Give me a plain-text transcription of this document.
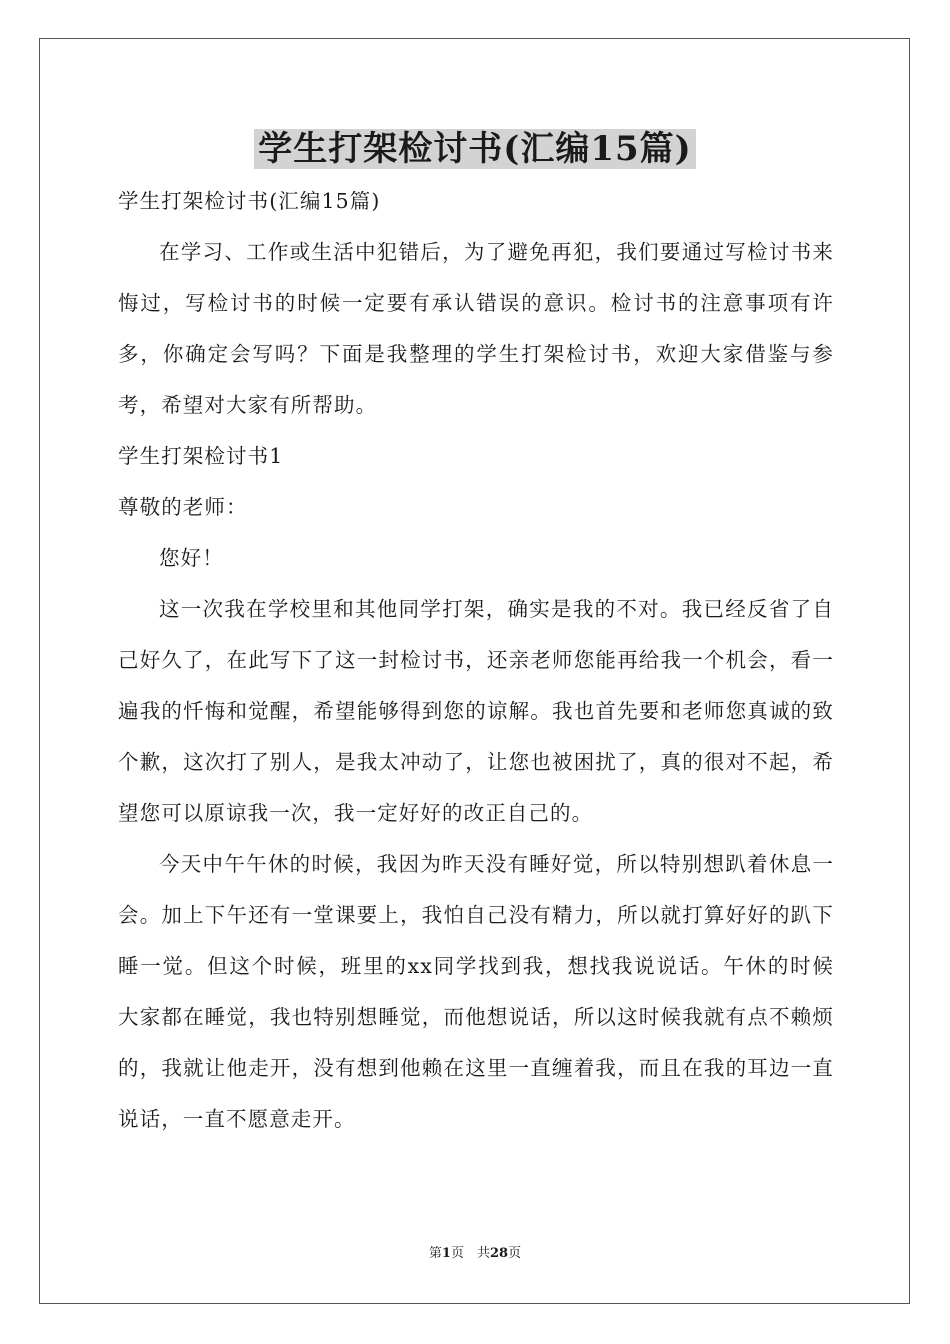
学生打架检讨书(汇编15篇)

学生打架检讨书(汇编15篇)

在学习、工作或生活中犯错后，为了避免再犯，我们要通过写检讨书来悔过，写检讨书的时候一定要有承认错误的意识。检讨书的注意事项有许多，你确定会写吗？下面是我整理的学生打架检讨书，欢迎大家借鉴与参考，希望对大家有所帮助。

学生打架检讨书1

尊敬的老师：

您好！

这一次我在学校里和其他同学打架，确实是我的不对。我已经反省了自己好久了，在此写下了这一封检讨书，还亲老师您能再给我一个机会，看一遍我的忏悔和觉醒，希望能够得到您的谅解。我也首先要和老师您真诚的致个歉，这次打了别人，是我太冲动了，让您也被困扰了，真的很对不起，希望您可以原谅我一次，我一定好好的改正自己的。

今天中午午休的时候，我因为昨天没有睡好觉，所以特别想趴着休息一会。加上下午还有一堂课要上，我怕自己没有精力，所以就打算好好的趴下睡一觉。但这个时候，班里的xx同学找到我，想找我说说话。午休的时候大家都在睡觉，我也特别想睡觉，而他想说话，所以这时候我就有点不赖烦的，我就让他走开，没有想到他赖在这里一直缠着我，而且在我的耳边一直说话，一直不愿意走开。

第1页　共28页
